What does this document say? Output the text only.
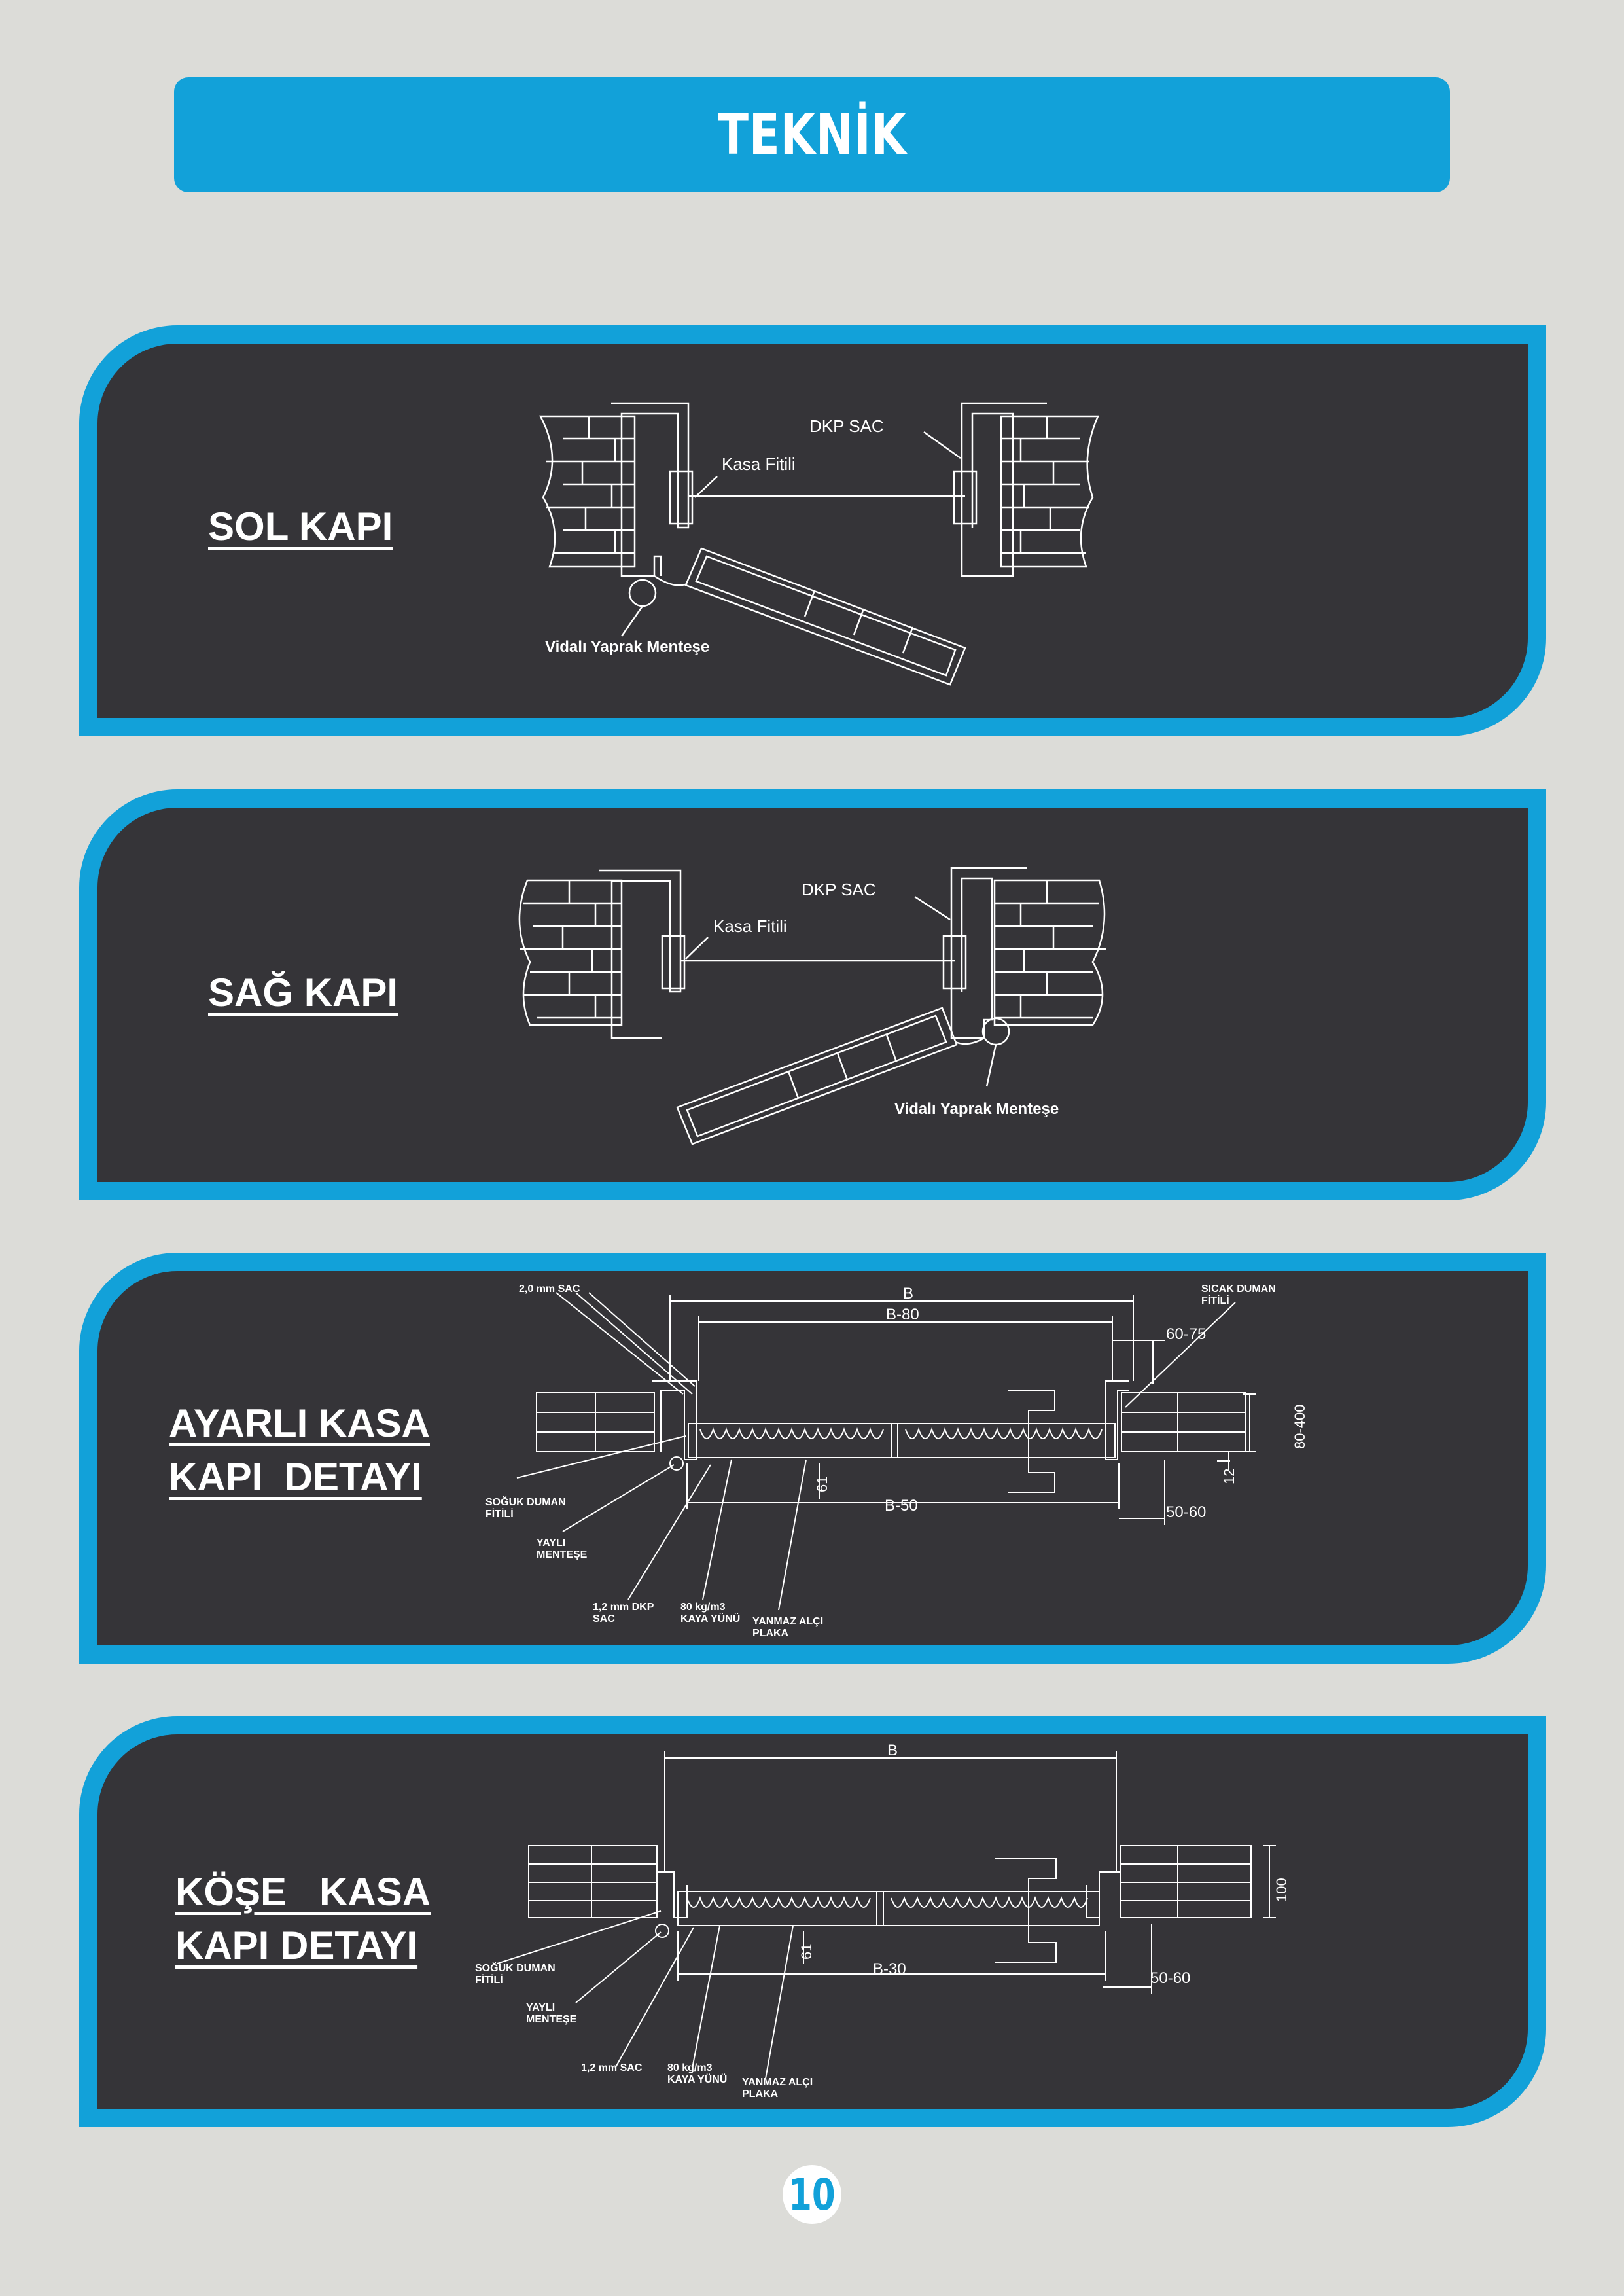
TEKNİK
SOL KAPI
DKP SAC
Kasa Fitili
Vidalı Yaprak Menteşe
DKP SAC
Kasa Fitili
Vidalı Yaprak Menteşe
SAĞ KAPI
AYARLI KASA
KAPI  DETAYI
B
B-80
60-75
80-400
12
B-50	50-60
61
2,0 mm SAC	SICAK DUMAN
FİTİLİ
SOĞUK DUMAN
FİTİLİ
YAYLI
MENTEŞE
1,2 mm DKP
SAC
80 kg/m3
KAYA YÜNÜ YANMAZ ALÇI
PLAKA
KÖŞE   KASA
KAPI DETAYI
B
100
61
B-30
50-60
SOĞUK DUMAN
FİTİLİ
YAYLI
MENTEŞE
1,2 mm SAC 80 kg/m3
KAYA YÜNÜ YANMAZ ALÇI
PLAKA
10
